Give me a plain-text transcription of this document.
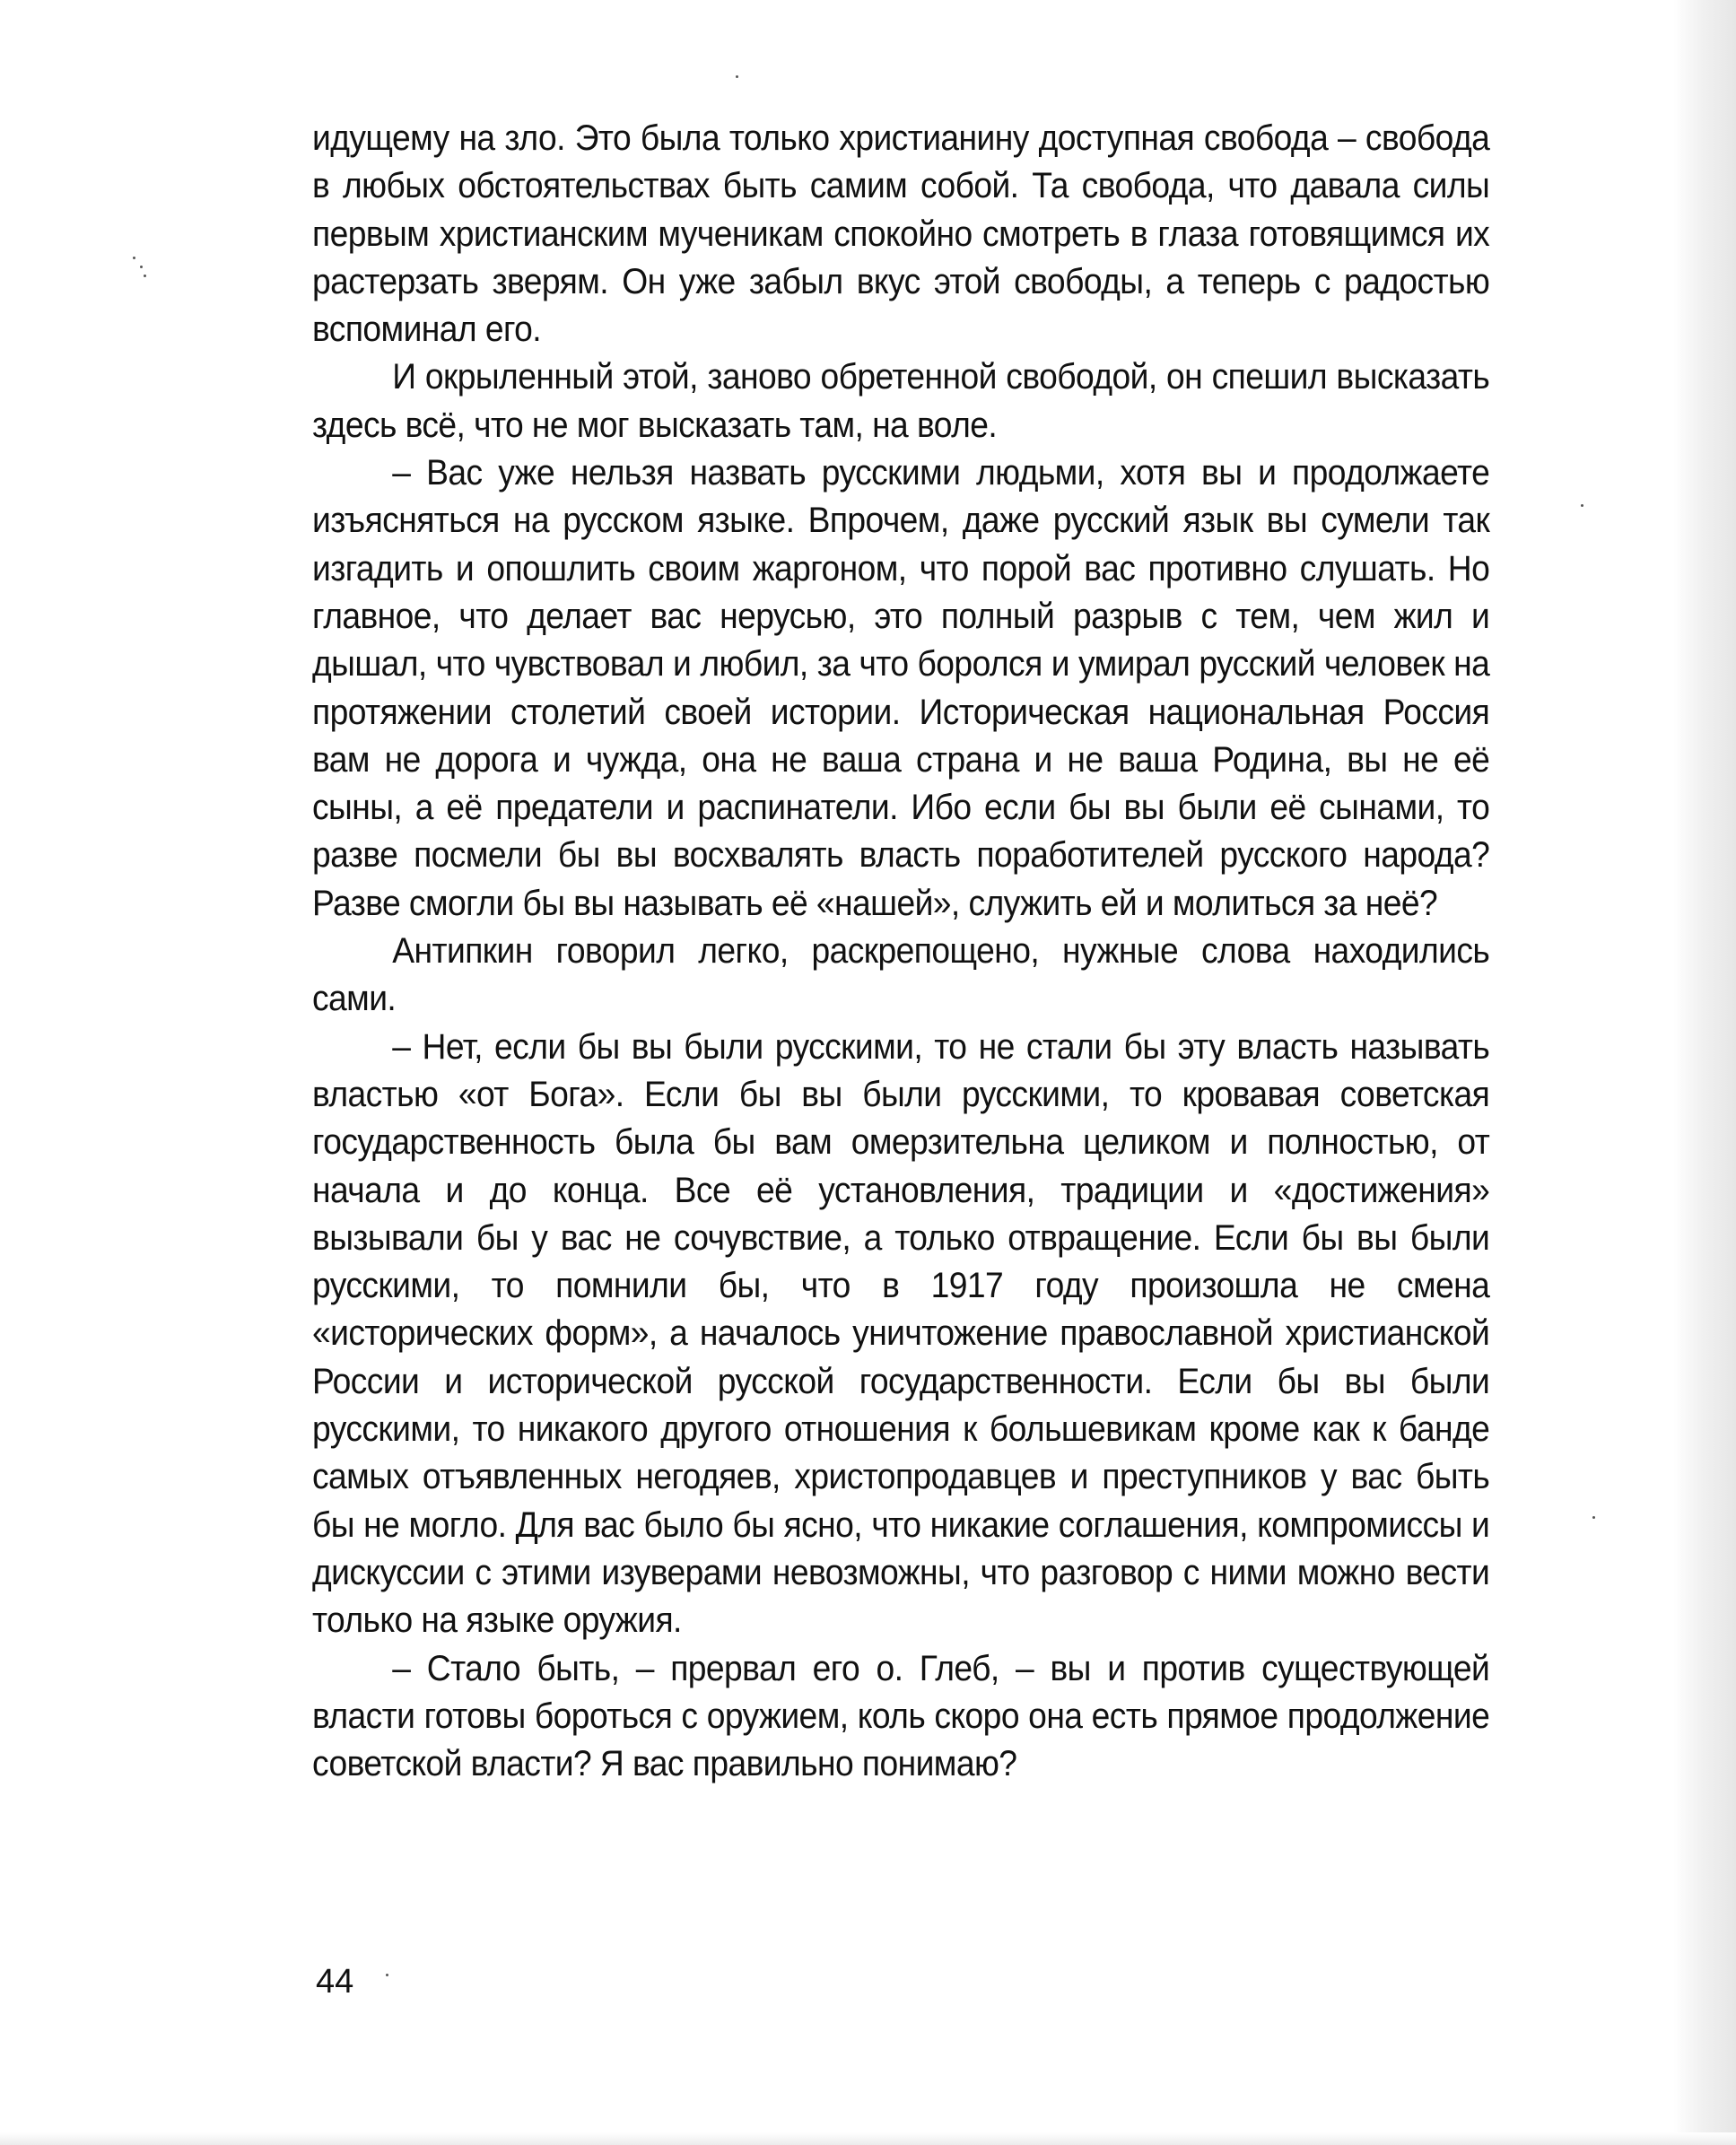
идущему на зло. Это была только христианину доступная свобода – свобода в любых обстоятельствах быть самим собой. Та свобода, что давала силы первым христианским мученикам спокойно смотреть в глаза готовящимся их растерзать зверям. Он уже забыл вкус этой свободы, а теперь с радостью вспоминал его.

И окрыленный этой, заново обретенной свободой, он спешил высказать здесь всё, что не мог высказать там, на воле.

– Вас уже нельзя назвать русскими людьми, хотя вы и продолжаете изъясняться на русском языке. Впрочем, даже русский язык вы сумели так изгадить и опошлить своим жаргоном, что порой вас противно слушать. Но главное, что делает вас нерусью, это полный разрыв с тем, чем жил и дышал, что чувствовал и любил, за что боролся и умирал русский человек на протяжении столетий своей истории. Историческая национальная Россия вам не дорога и чужда, она не ваша страна и не ваша Родина, вы не её сыны, а её предатели и распинатели. Ибо если бы вы были её сынами, то разве посмели бы вы восхвалять власть поработителей русского народа? Разве смогли бы вы называть её «нашей», служить ей и молиться за неё?

Антипкин говорил легко, раскрепощено, нужные слова находились сами.

– Нет, если бы вы были русскими, то не стали бы эту власть называть властью «от Бога». Если бы вы были русскими, то кровавая советская государственность была бы вам омерзительна целиком и полностью, от начала и до конца. Все её установления, традиции и «достижения» вызывали бы у вас не сочувствие, а только отвращение. Если бы вы были русскими, то помнили бы, что в 1917 году произошла не смена «исторических форм», а началось уничтожение православной христианской России и исторической русской государственности. Если бы вы были русскими, то никакого другого отношения к большевикам кроме как к банде самых отъявленных негодяев, христопродавцев и преступников у вас быть бы не могло. Для вас было бы ясно, что никакие соглашения, компромиссы и дискуссии с этими изуверами невозможны, что разговор с ними можно вести только на языке оружия.

– Стало быть, – прервал его о. Глеб, – вы и против существующей власти готовы бороться с оружием, коль скоро она есть прямое продолжение советской власти? Я вас правильно понимаю?

44
